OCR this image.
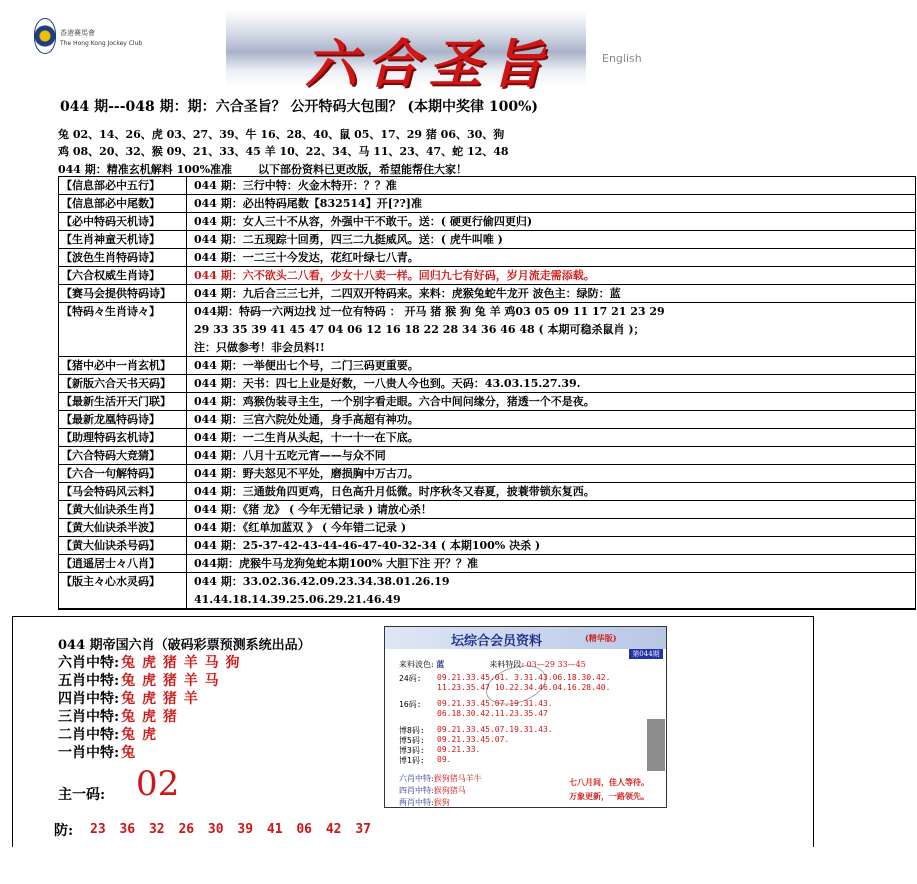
香港賽馬會
The Hong Kong Jockey Club	六合圣旨	English
044 期---048 期：期：六合圣旨？ 公开特码大包围？ (本期中奖律 100%)
兔 02、14、26、虎 03、27、39、牛 16、28、40、鼠 05、17、29 猪 06、30、狗
鸡 08、20、32、猴 09、21、33、45 羊 10、22、34、马 11、23、47、蛇 12、48
044 期：精准玄机解料 100%准准 以下部份资料已更改版，希望能帮住大家！
【信息部必中五行】	044 期：三行中特：火金木特开：？？准
【信息部必中尾数】	044 期：必出特码尾数【832514】开[??]准
【必中特码天机诗】	044 期：女人三十不从容，外强中干不敢干。送：( 硬更行偷四更归)
【生肖神童天机诗】	044 期：二五现踪十回勇，四三二九挺威风。送：( 虎牛叫唯 )
【波色生肖特码诗】	044 期：一二三十今发达，花红叶绿七八青。
【六合权威生肖诗】	044 期：六不欲头二八看，少女十八卖一样。回归九七有好码，岁月流走需添载。
【赛马会提供特码诗】	044 期：九后合三三七并，二四双开特码来。来料：虎猴兔蛇牛龙开 波色主：绿防：蓝
【特码々生肖诗々】	044期：特码一六两边找 过一位有特码 ： 开马 猪 猴 狗 兔 羊 鸡03 05 09 11 17 21 23 29
29 33 35 39 41 45 47 04 06 12 16 18 22 28 34 36 46 48 ( 本期可稳杀鼠肖 )；
注：只做参考！非会员料!!
【猪中必中一肖玄机】	044 期：一举便出七个号，二门三码更重要。
【新版六合天书天码】	044 期：天书：四七上业是好数，一八贵人今也到。天码：43.03.15.27.39.
【最新生活开天门联】	044 期：鸡猴伪装寻主生，一个别字看走眼。六合中间问缘分，猪透一个不是夜。
【最新龙凰特码诗】	044 期：三宫六院处处通，身手高超有神功。
【助理特码玄机诗】	044 期：一二生肖从头起，十一十一在下底。
【六合特码大竞猜】	044 期：八月十五吃元宵——与众不同
【六合一句解特码】	044 期：野夫怒见不平处，磨损胸中万古刀。
【马会特码风云料】	044 期：三通鼓角四更鸡，日色高升月低微。时序秋冬又春夏，披蓑带锁东复西。
【黄大仙诀杀生肖】	044 期：《猪 龙》 ( 今年无错记录 ) 请放心杀！
【黄大仙诀杀半波】	044 期：《红单加蓝双 》 ( 今年错二记录 )
【黄大仙诀杀号码】	044 期：25-37-42-43-44-46-47-40-32-34 ( 本期100% 决杀 )
【逍遥居士々八肖】	044期：虎猴牛马龙狗兔蛇本期100% 大胆下注 开？？准
【版主々心水灵码】	044 期：33.02.36.42.09.23.34.38.01.26.19
41.44.18.14.39.25.06.29.21.46.49
044 期帝国六肖（破码彩票预测系统出品）
六肖中特: 兔 虎 猪 羊 马 狗
五肖中特: 兔 虎 猪 羊 马
四肖中特: 兔 虎 猪 羊
三肖中特: 兔 虎 猪
二肖中特: 兔 虎
一肖中特: 兔
主一码: 02
防: 23 36 32 26 30 39 41 06 42 37
坛综合会员资料	(精华版)
第044期
来料波色: 蓝	来料特段: 03—29 33—45
24码: 09.21.33.45.01. 3.31.43.06.18.30.42.
11.23.35.47 10.22.34.46.04.16.28.40.
16码: 09.21.33.45.07.19.31.43.
06.18.30.42.11.23.35.47
博8码: 09.21.33.45.07.19.31.43.
博5码: 09.21.33.45.07.
博3码: 09.21.33.
博1码: 09.
六肖中特:猴狗猪马羊牛
四肖中特:猴狗猪马
两肖中特:猴狗
七八月间，佳人等待。
万象更新，一路领先。
